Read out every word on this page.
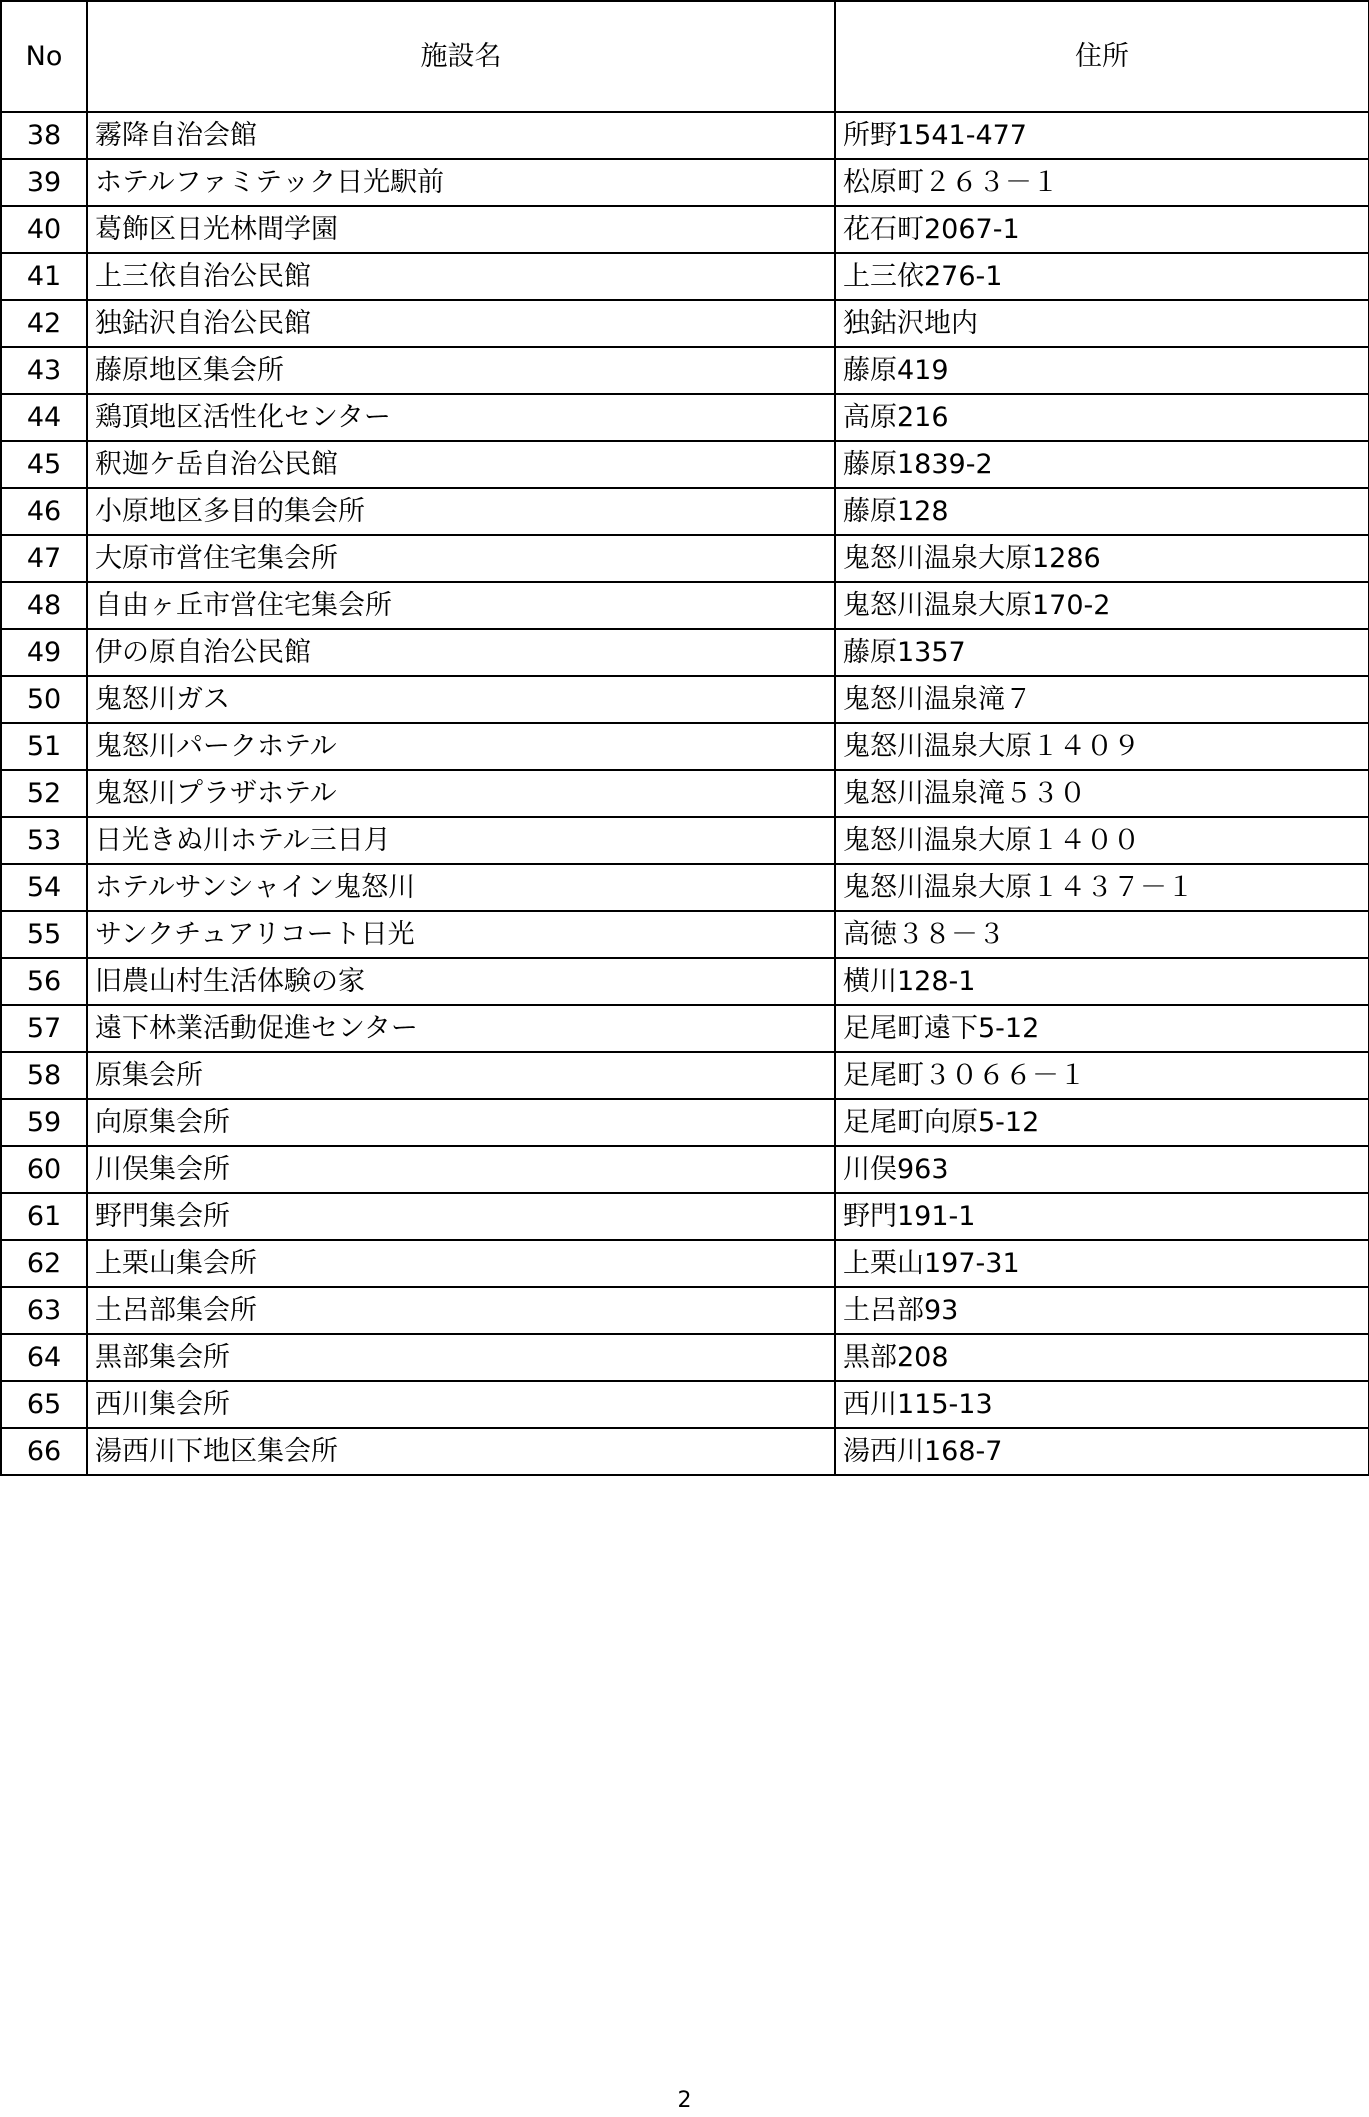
No	施設名	住所
38	霧降自治会館	所野1541-477
39	ホテルファミテック日光駅前	松原町２６３－１
40	葛飾区日光林間学園	花石町2067-1
41	上三依自治公民館	上三依276-1
42	独鈷沢自治公民館	独鈷沢地内
43	藤原地区集会所	藤原419
44	鶏頂地区活性化センター	高原216
45	釈迦ケ岳自治公民館	藤原1839-2
46	小原地区多目的集会所	藤原128
47	大原市営住宅集会所	鬼怒川温泉大原1286
48	自由ヶ丘市営住宅集会所	鬼怒川温泉大原170-2
49	伊の原自治公民館	藤原1357
50	鬼怒川ガス	鬼怒川温泉滝７
51	鬼怒川パークホテル	鬼怒川温泉大原１４０９
52	鬼怒川プラザホテル	鬼怒川温泉滝５３０
53	日光きぬ川ホテル三日月	鬼怒川温泉大原１４００
54	ホテルサンシャイン鬼怒川	鬼怒川温泉大原１４３７－１
55	サンクチュアリコート日光	高徳３８－３
56	旧農山村生活体験の家	横川128-1
57	遠下林業活動促進センター	足尾町遠下5-12
58	原集会所	足尾町３０６６－１
59	向原集会所	足尾町向原5-12
60	川俣集会所	川俣963
61	野門集会所	野門191-1
62	上栗山集会所	上栗山197-31
63	土呂部集会所	土呂部93
64	黒部集会所	黒部208
65	西川集会所	西川115-13
66	湯西川下地区集会所	湯西川168-7
2
